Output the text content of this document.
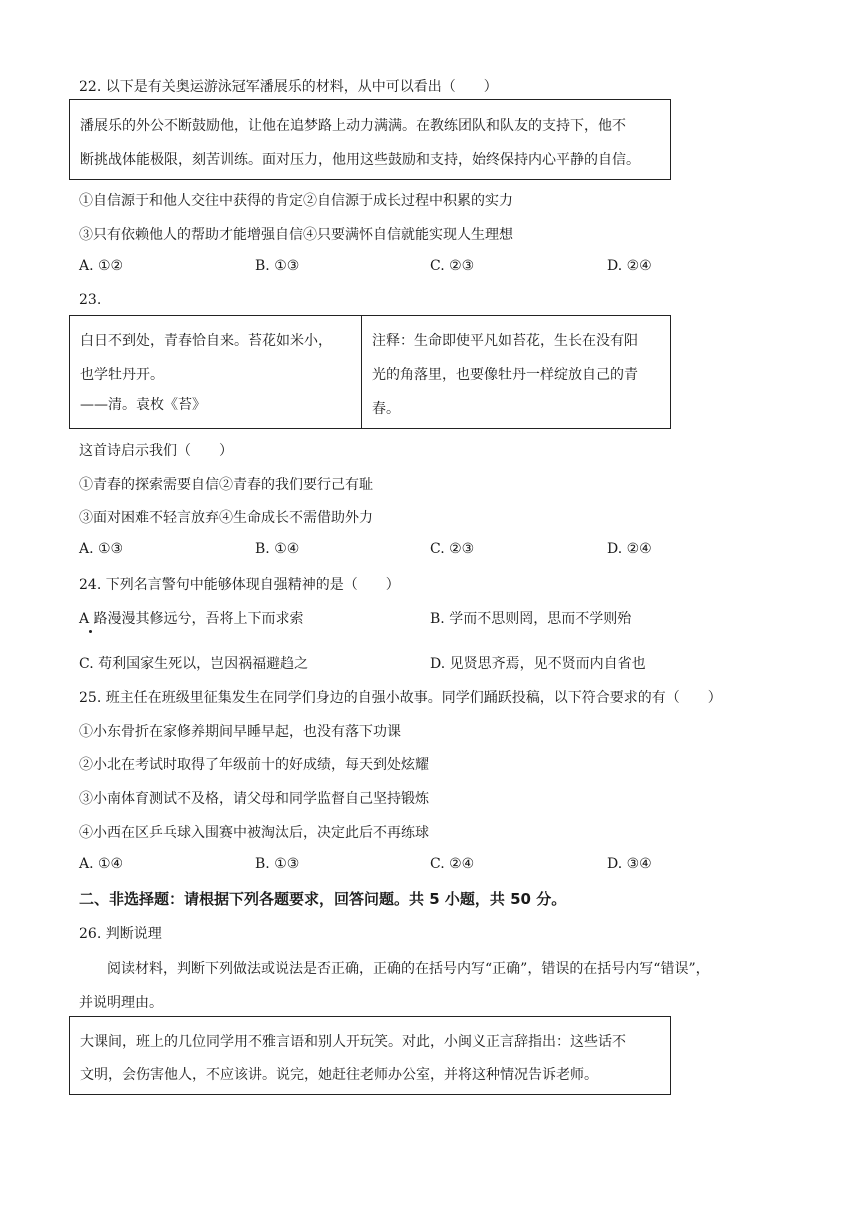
22. 以下是有关奥运游泳冠军潘展乐的材料，从中可以看出（　　）
潘展乐的外公不断鼓励他，让他在追梦路上动力满满。在教练团队和队友的支持下，他不
断挑战体能极限，刻苦训练。面对压力，他用这些鼓励和支持，始终保持内心平静的自信。
①自信源于和他人交往中获得的肯定②自信源于成长过程中积累的实力
③只有依赖他人的帮助才能增强自信④只要满怀自信就能实现人生理想
A. ①②	B. ①③	C. ②③	D. ②④
23.
白日不到处，青春恰自来。苔花如米小，
也学牡丹开。
——清。袁枚《苔》
注释：生命即使平凡如苔花，生长在没有阳
光的角落里，也要像牡丹一样绽放自己的青
春。
这首诗启示我们（　　）
①青春的探索需要自信②青春的我们要行己有耻
③面对困难不轻言放弃④生命成长不需借助外力
A. ①③	B. ①④	C. ②③	D. ②④
24. 下列名言警句中能够体现自强精神的是（　　）
A 路漫漫其修远兮，吾将上下而求索	B. 学而不思则罔，思而不学则殆
C. 苟利国家生死以，岂因祸福避趋之	D. 见贤思齐焉，见不贤而内自省也
25. 班主任在班级里征集发生在同学们身边的自强小故事。同学们踊跃投稿，以下符合要求的有（　　）
①小东骨折在家修养期间早睡早起，也没有落下功课
②小北在考试时取得了年级前十的好成绩，每天到处炫耀
③小南体育测试不及格，请父母和同学监督自己坚持锻炼
④小西在区乒乓球入围赛中被淘汰后，决定此后不再练球
A. ①④	B. ①③	C. ②④	D. ③④
二、非选择题：请根据下列各题要求，回答问题。共 5 小题，共 50 分。
26. 判断说理
阅读材料，判断下列做法或说法是否正确，正确的在括号内写“正确”，错误的在括号内写“错误”，
并说明理由。
大课间，班上的几位同学用不雅言语和别人开玩笑。对此，小闽义正言辞指出：这些话不
文明，会伤害他人，不应该讲。说完，她赶往老师办公室，并将这种情况告诉老师。
